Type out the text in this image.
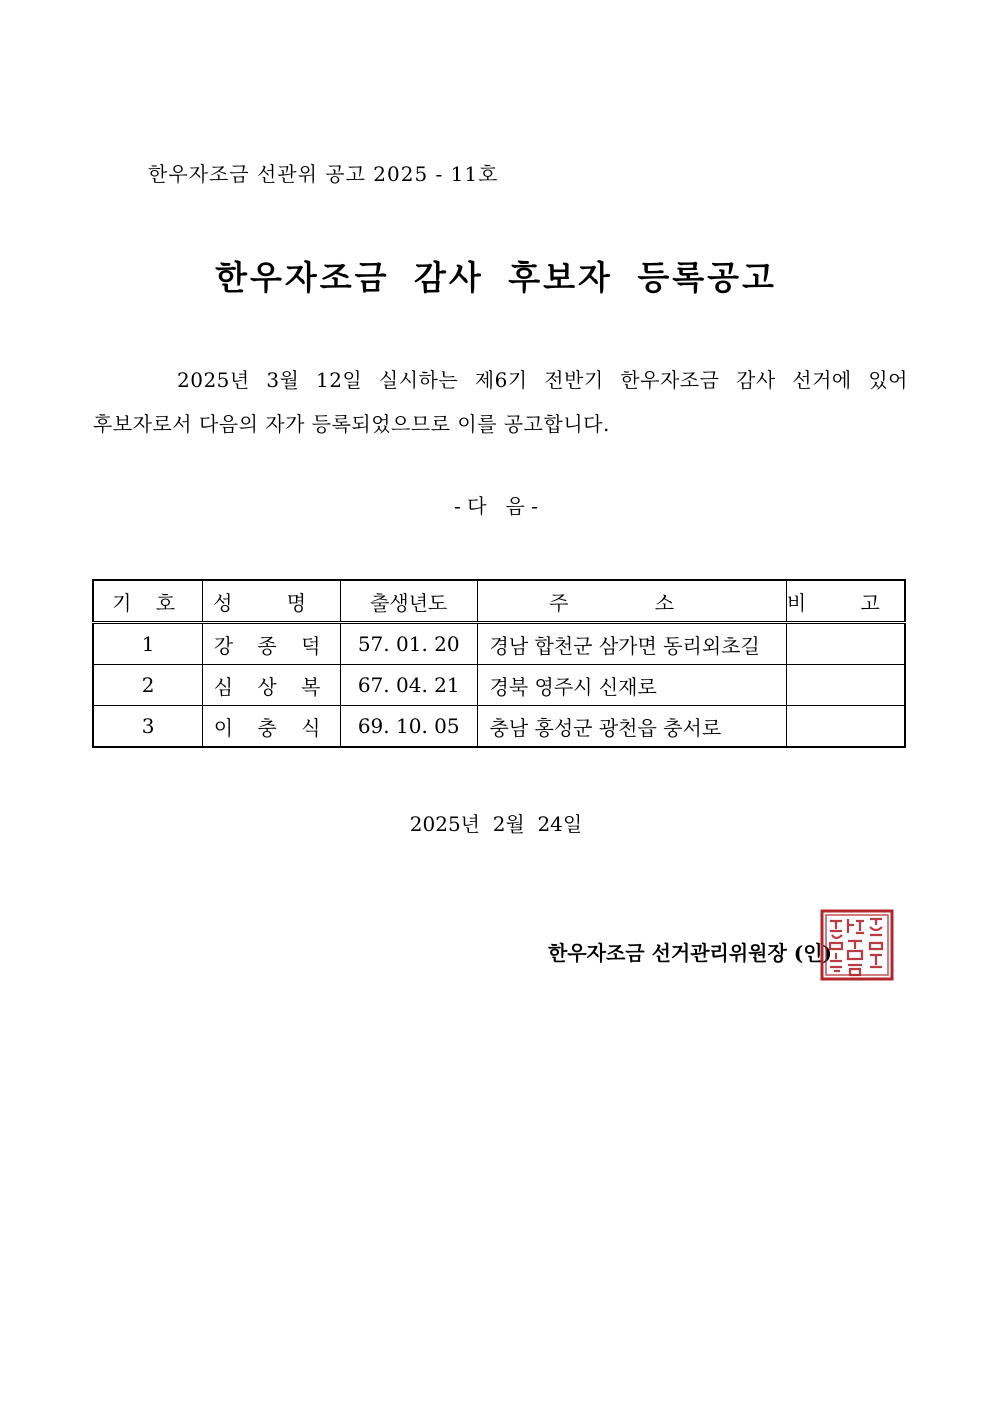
한우자조금 선관위 공고 2025 - 11호
한우자조금 감사 후보자 등록공고
2025년 3월 12일 실시하는 제6기 전반기 한우자조금 감사 선거에 있어
후보자로서 다음의 자가 등록되었으므로 이를 공고합니다.
- 다   음 -
기 호	성 명	출생년도	주 소	비 고
1	강 종 덕	57. 01. 20	경남 합천군 삼가면 동리외초길	
2	심 상 복	67. 04. 21	경북 영주시 신재로	
3	이 충 식	69. 10. 05	충남 홍성군 광천읍 충서로	
2025년  2월  24일
한우자조금 선거관리위원장 (인)
